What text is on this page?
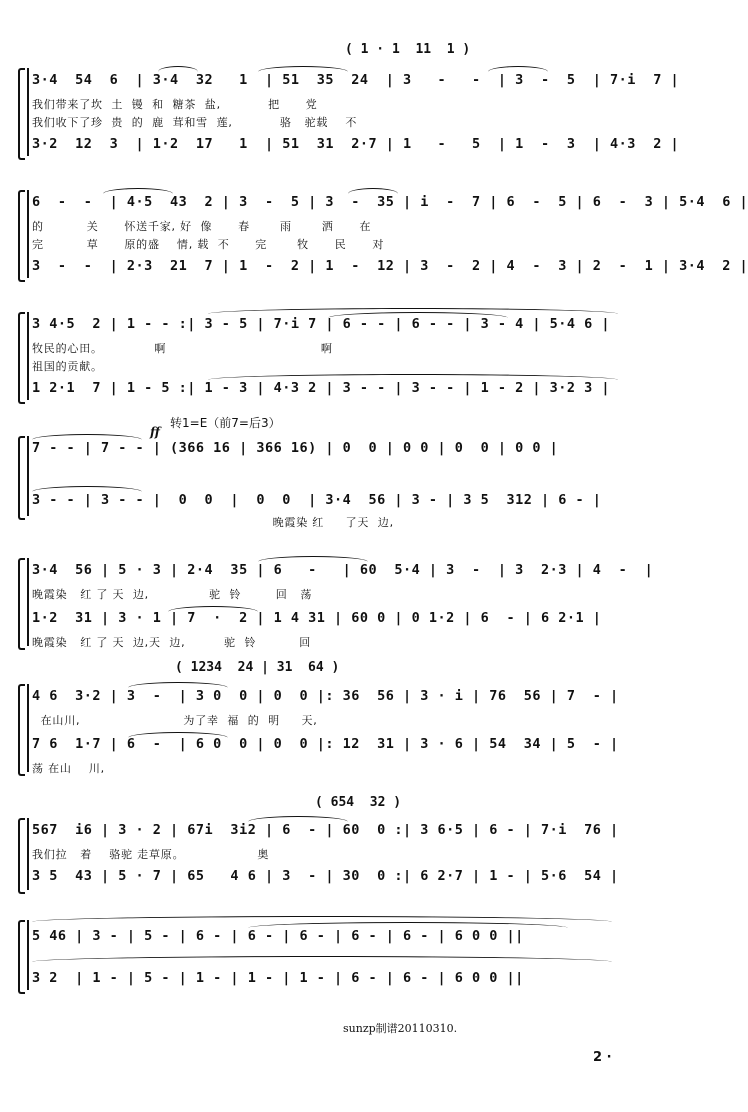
( 1 · 1  11  1 )
3·4  54  6  | 3·4  32   1  | 51  35  24  | 3   -   -  | 3  -  5  | 7·i  7 |
我们带来了坎  土  镘  和  糖茶  盐,           把      党
我们收下了珍  贵  的  鹿  茸和雪  莲,           骆   驼载    不
3·2  12  3  | 1·2  17   1  | 51  31  2·7 | 1   -   5  | 1  -  3  | 4·3  2 |
6  -  -  | 4·5  43  2 | 3  -  5 | 3  -  35 | i  -  7 | 6  -  5 | 6  -  3 | 5·4  6 |
的          关      怀送千家, 好  像      春       雨       洒      在
完          草      原的盛    情, 载  不      完       牧      民      对
3  -  -  | 2·3  21  7 | 1  -  2 | 1  -  12 | 3  -  2 | 4  -  3 | 2  -  1 | 3·4  2 |
3 4·5  2 | 1 - - :| 3 - 5 | 7·i 7 | 6 - - | 6 - - | 3 - 4 | 5·4 6 |
牧民的心田。            啊                                    啊
祖国的贡献。
1 2·1  7 | 1 - 5 :| 1 - 3 | 4·3 2 | 3 - - | 3 - - | 1 - 2 | 3·2 3 |
ff
转1=E（前7=后3）
7 - - | 7 - - | (366 16 | 366 16) | 0  0 | 0 0 | 0  0 | 0 0 |
3 - - | 3 - - |  0  0  |  0  0  | 3·4  56 | 3 - | 3 5  312 | 6 - |
晚霞染 红     了天  边,
3·4  56 | 5 · 3 | 2·4  35 | 6   -   | 60  5·4 | 3  -  | 3  2·3 | 4  -  |
晚霞染   红 了 天  边,              驼  铃        回   荡
1·2  31 | 3 · 1 | 7  ·  2 | 1 4 31 | 60 0 | 0 1·2 | 6  - | 6 2·1 |
晚霞染   红 了 天  边,天  边,         驼  铃          回
( 1234  24 | 31  64 )
4 6  3·2 | 3  -  | 3 0  0 | 0  0 |: 36  56 | 3 · i | 76  56 | 7  - |
在山川,                        为了幸  福  的  明     天,
7 6  1·7 | 6  -  | 6 0  0 | 0  0 |: 12  31 | 3 · 6 | 54  34 | 5  - |
荡 在山    川,
( 654  32 )
567  i6 | 3 · 2 | 67i  3i2 | 6  - | 60  0 :| 3 6·5 | 6 - | 7·i  76 |
我们拉   着    骆驼 走草原。                 奥
3 5  43 | 5 · 7 | 65   4 6 | 3  - | 30  0 :| 6 2·7 | 1 - | 5·6  54 |
5 46 | 3 - | 5 - | 6 - | 6 - | 6 - | 6 - | 6 - | 6 0 0 ||
3 2  | 1 - | 5 - | 1 - | 1 - | 1 - | 6 - | 6 - | 6 0 0 ||
sunzp制谱20110310.
2 ·
